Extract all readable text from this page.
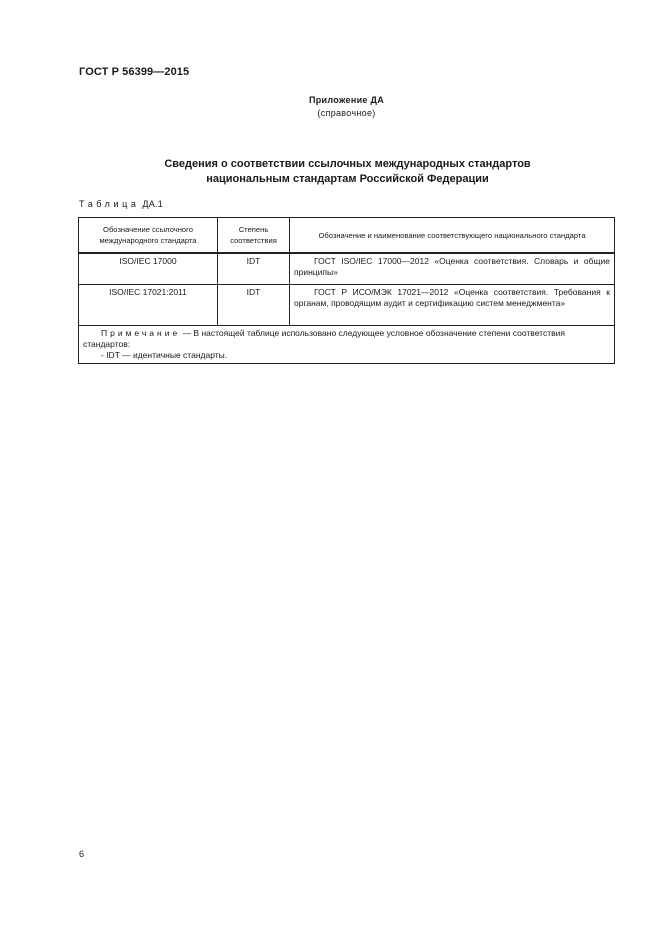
ГОСТ Р 56399—2015
Приложение ДА
(справочное)
Сведения о соответствии ссылочных международных стандартов
национальным стандартам Российской Федерации
Таблица ДА.1
Обозначение ссылочного международного стандарта	Степень соответствия	Обозначение и наименование соответствующего национального стандарта
ISO/IEC 17000	IDT	ГОСТ ISO/IEC 17000—2012 «Оценка соответствия. Словарь и общие принципы»
ISO/IEC 17021:2011	IDT	ГОСТ Р ИСО/МЭК 17021—2012 «Оценка соответствия. Требования к органам, проводящим аудит и сертификацию систем менеджмента»

Примечание — В настоящей таблице использовано следующее условное обозначение степени соответствия стандартов:
- IDT — идентичные стандарты.		
6
